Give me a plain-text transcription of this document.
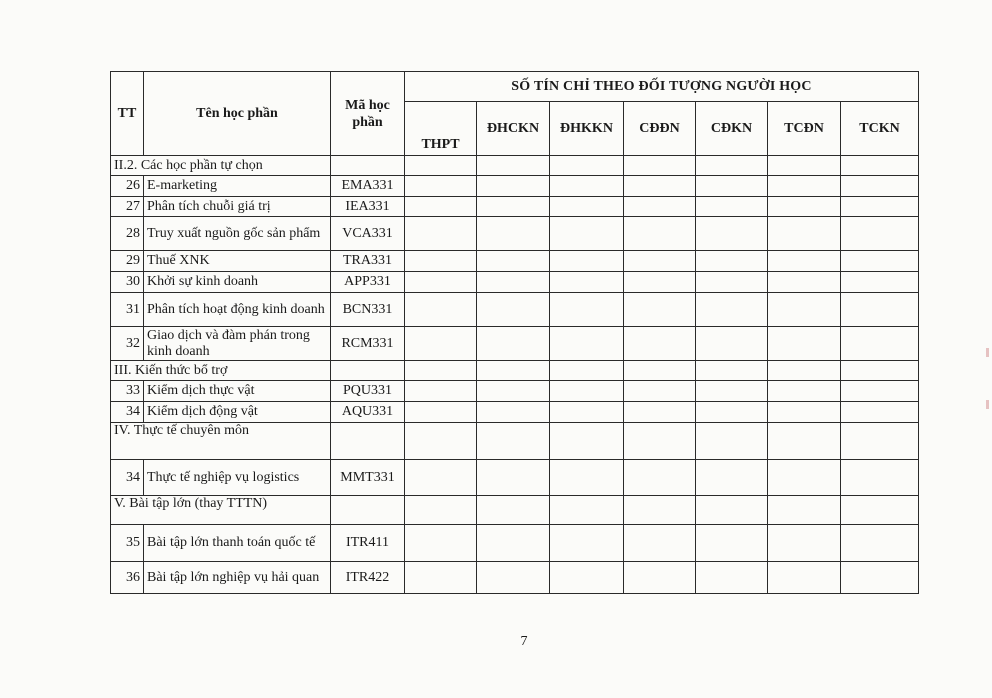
TT	Tên học phần	Mã học phần	SỐ TÍN CHỈ THEO ĐỐI TƯỢNG NGƯỜI HỌC						
			THPT	ĐHCKN	ĐHKKN	CĐĐN	CĐKN	TCĐN	TCKN
II.2. Các học phần tự chọn									
26	E-marketing	EMA331							
27	Phân tích chuỗi giá trị	IEA331							
28	Truy xuất nguồn gốc sản phẩm	VCA331							
29	Thuế XNK	TRA331							
30	Khởi sự kinh doanh	APP331							
31	Phân tích hoạt động kinh doanh	BCN331							
32	Giao dịch và đàm phán trong kinh doanh	RCM331							
III. Kiến thức bổ trợ									
33	Kiểm dịch thực vật	PQU331							
34	Kiểm dịch động vật	AQU331							
IV. Thực tế chuyên môn									
34	Thực tế nghiệp vụ logistics	MMT331							
V. Bài tập lớn (thay TTTN)									
35	Bài tập lớn thanh toán quốc tế	ITR411							
36	Bài tập lớn nghiệp vụ hải quan	ITR422							
7
